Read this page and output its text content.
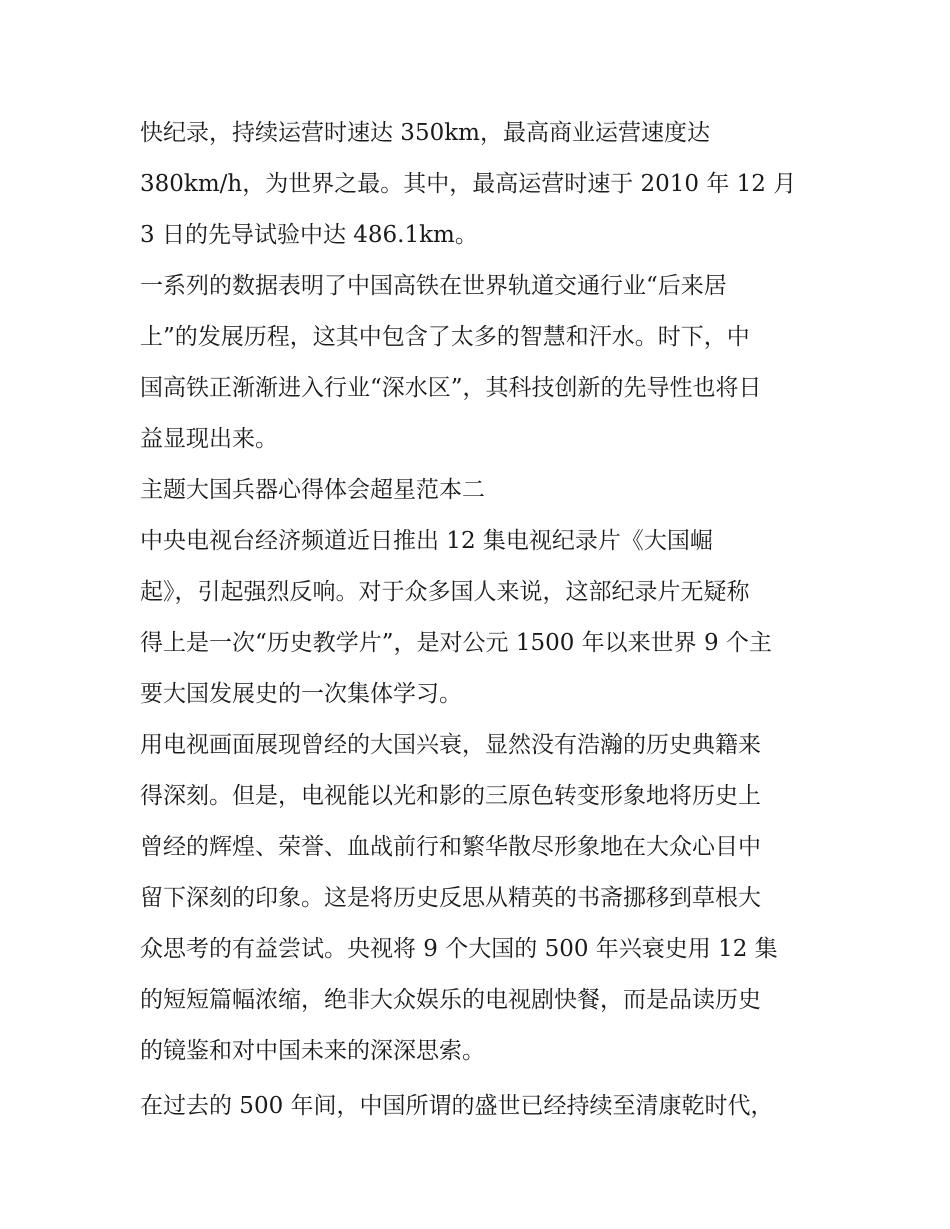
快纪录，持续运营时速达 350km，最高商业运营速度达
380km/h，为世界之最。其中，最高运营时速于 2010 年 12 月
3 日的先导试验中达 486.1km。
一系列的数据表明了中国高铁在世界轨道交通行业“后来居
上”的发展历程，这其中包含了太多的智慧和汗水。时下，中
国高铁正渐渐进入行业“深水区”，其科技创新的先导性也将日
益显现出来。
主题大国兵器心得体会超星范本二
中央电视台经济频道近日推出 12 集电视纪录片《大国崛
起》，引起强烈反响。对于众多国人来说，这部纪录片无疑称
得上是一次“历史教学片”，是对公元 1500 年以来世界 9 个主
要大国发展史的一次集体学习。
用电视画面展现曾经的大国兴衰，显然没有浩瀚的历史典籍来
得深刻。但是，电视能以光和影的三原色转变形象地将历史上
曾经的辉煌、荣誉、血战前行和繁华散尽形象地在大众心目中
留下深刻的印象。这是将历史反思从精英的书斋挪移到草根大
众思考的有益尝试。央视将 9 个大国的 500 年兴衰史用 12 集
的短短篇幅浓缩，绝非大众娱乐的电视剧快餐，而是品读历史
的镜鉴和对中国未来的深深思索。
在过去的 500 年间，中国所谓的盛世已经持续至清康乾时代，
